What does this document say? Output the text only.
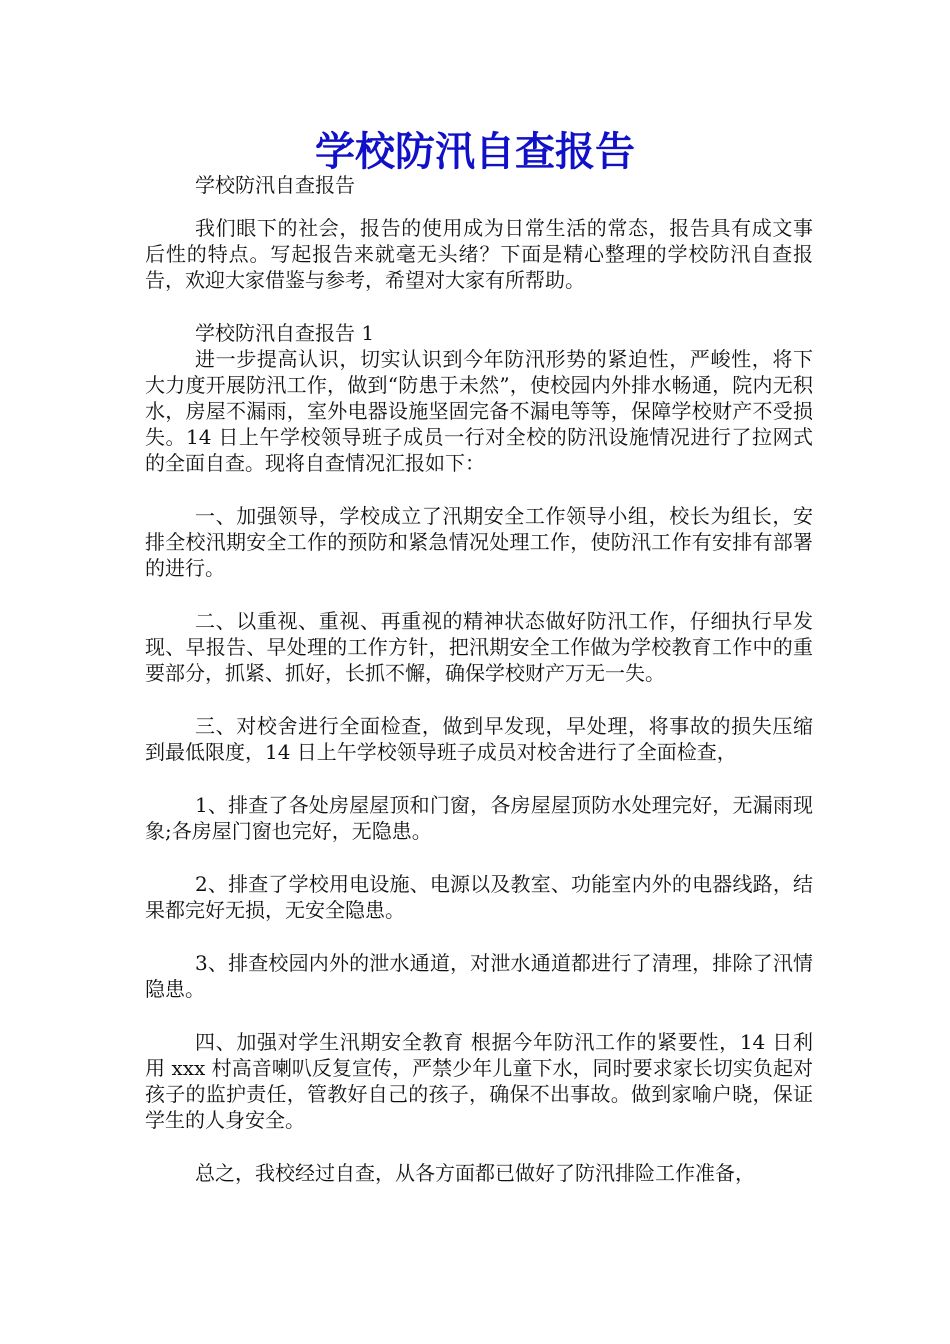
学校防汛自查报告

学校防汛自查报告

我们眼下的社会，报告的使用成为日常生活的常态，报告具有成文事后性的特点。写起报告来就毫无头绪？下面是精心整理的学校防汛自查报告，欢迎大家借鉴与参考，希望对大家有所帮助。

学校防汛自查报告 1

进一步提高认识，切实认识到今年防汛形势的紧迫性，严峻性，将下大力度开展防汛工作，做到“防患于未然”，使校园内外排水畅通，院内无积水，房屋不漏雨，室外电器设施坚固完备不漏电等等，保障学校财产不受损失。14 日上午学校领导班子成员一行对全校的防汛设施情况进行了拉网式的全面自查。现将自查情况汇报如下：

一、加强领导，学校成立了汛期安全工作领导小组，校长为组长，安排全校汛期安全工作的预防和紧急情况处理工作，使防汛工作有安排有部署的进行。

二、以重视、重视、再重视的精神状态做好防汛工作，仔细执行早发现、早报告、早处理的工作方针，把汛期安全工作做为学校教育工作中的重要部分，抓紧、抓好，长抓不懈，确保学校财产万无一失。

三、对校舍进行全面检查，做到早发现，早处理，将事故的损失压缩到最低限度，14 日上午学校领导班子成员对校舍进行了全面检查，

1、排查了各处房屋屋顶和门窗，各房屋屋顶防水处理完好，无漏雨现象;各房屋门窗也完好，无隐患。

2、排查了学校用电设施、电源以及教室、功能室内外的电器线路，结果都完好无损，无安全隐患。

3、排查校园内外的泄水通道，对泄水通道都进行了清理，排除了汛情隐患。

四、加强对学生汛期安全教育 根据今年防汛工作的紧要性，14 日利用 xxx 村高音喇叭反复宣传，严禁少年儿童下水，同时要求家长切实负起对孩子的监护责任，管教好自己的孩子，确保不出事故。做到家喻户晓，保证学生的人身安全。

总之，我校经过自查，从各方面都已做好了防汛排险工作准备，
